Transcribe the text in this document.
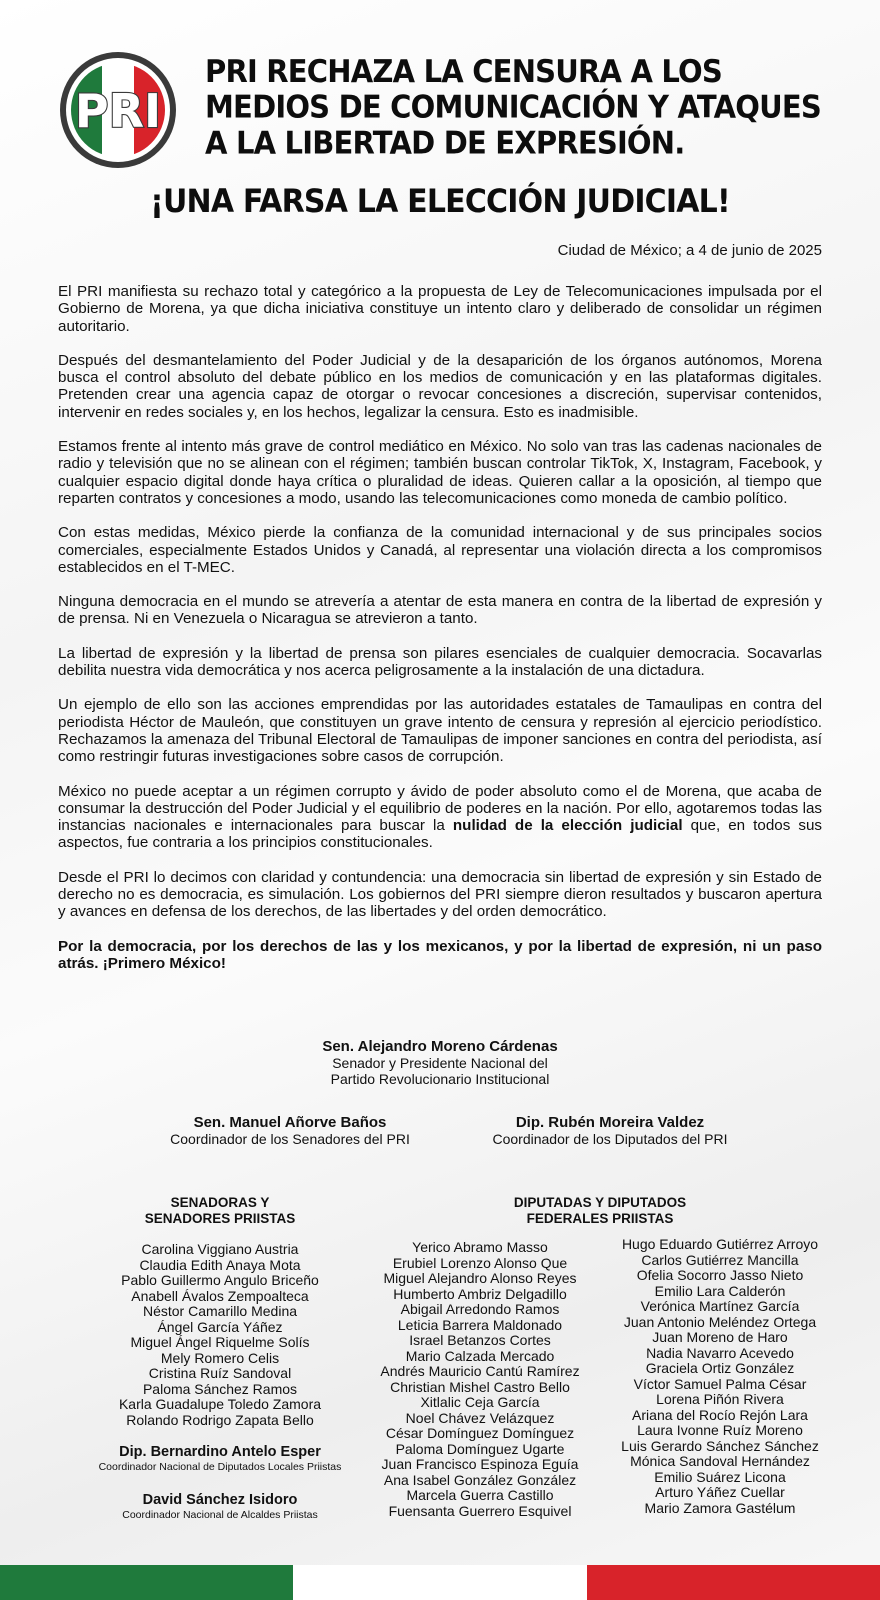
PRI
PRI RECHAZA LA CENSURA A LOS MEDIOS DE COMUNICACIÓN Y ATAQUES A LA LIBERTAD DE EXPRESIÓN.
¡UNA FARSA LA ELECCIÓN JUDICIAL!
Ciudad de México; a 4 de junio de 2025

El PRI manifiesta su rechazo total y categórico a la propuesta de Ley de Telecomunicaciones impulsada por el Gobierno de Morena, ya que dicha iniciativa constituye un intento claro y deliberado de consolidar un régimen autoritario.

Después del desmantelamiento del Poder Judicial y de la desaparición de los órganos autónomos, Morena busca el control absoluto del debate público en los medios de comunicación y en las plataformas digitales. Pretenden crear una agencia capaz de otorgar o revocar concesiones a discreción, supervisar contenidos, intervenir en redes sociales y, en los hechos, legalizar la censura. Esto es inadmisible.

Estamos frente al intento más grave de control mediático en México. No solo van tras las cadenas nacionales de radio y televisión que no se alinean con el régimen; también buscan controlar TikTok, X, Instagram, Facebook, y cualquier espacio digital donde haya crítica o pluralidad de ideas. Quieren callar a la oposición, al tiempo que reparten contratos y concesiones a modo, usando las telecomunicaciones como moneda de cambio político.

Con estas medidas, México pierde la confianza de la comunidad internacional y de sus principales socios comerciales, especialmente Estados Unidos y Canadá, al representar una violación directa a los compromisos establecidos en el T-MEC.

Ninguna democracia en el mundo se atrevería a atentar de esta manera en contra de la libertad de expresión y de prensa. Ni en Venezuela o Nicaragua se atrevieron a tanto.

La libertad de expresión y la libertad de prensa son pilares esenciales de cualquier democracia. Socavarlas debilita nuestra vida democrática y nos acerca peligrosamente a la instalación de una dictadura.

Un ejemplo de ello son las acciones emprendidas por las autoridades estatales de Tamaulipas en contra del periodista Héctor de Mauleón, que constituyen un grave intento de censura y represión al ejercicio periodístico. Rechazamos la amenaza del Tribunal Electoral de Tamaulipas de imponer sanciones en contra del periodista, así como restringir futuras investigaciones sobre casos de corrupción.

México no puede aceptar a un régimen corrupto y ávido de poder absoluto como el de Morena, que acaba de consumar la destrucción del Poder Judicial y el equilibrio de poderes en la nación. Por ello, agotaremos todas las instancias nacionales e internacionales para buscar la nulidad de la elección judicial que, en todos sus aspectos, fue contraria a los principios constitucionales.

Desde el PRI lo decimos con claridad y contundencia: una democracia sin libertad de expresión y sin Estado de derecho no es democracia, es simulación. Los gobiernos del PRI siempre dieron resultados y buscaron apertura y avances en defensa de los derechos, de las libertades y del orden democrático.

Por la democracia, por los derechos de las y los mexicanos, y por la libertad de expresión, ni un paso atrás. ¡Primero México!

Sen. Alejandro Moreno Cárdenas
Senador y Presidente Nacional del
Partido Revolucionario Institucional
Sen. Manuel Añorve Baños
Coordinador de los Senadores del PRI
Dip. Rubén Moreira Valdez
Coordinador de los Diputados del PRI
SENADORAS Y
SENADORES PRIISTAS
Carolina Viggiano Austria
Claudia Edith Anaya Mota
Pablo Guillermo Angulo Briceño
Anabell Ávalos Zempoalteca
Néstor Camarillo Medina
Ángel García Yáñez
Miguel Ángel Riquelme Solís
Mely Romero Celis
Cristina Ruíz Sandoval
Paloma Sánchez Ramos
Karla Guadalupe Toledo Zamora
Rolando Rodrigo Zapata Bello
Dip. Bernardino Antelo Esper
Coordinador Nacional de Diputados Locales Priistas
David Sánchez Isidoro
Coordinador Nacional de Alcaldes Priistas
DIPUTADAS Y DIPUTADOS
FEDERALES PRIISTAS
Yerico Abramo Masso
Erubiel Lorenzo Alonso Que
Miguel Alejandro Alonso Reyes
Humberto Ambriz Delgadillo
Abigail Arredondo Ramos
Leticia Barrera Maldonado
Israel Betanzos Cortes
Mario Calzada Mercado
Andrés Mauricio Cantú Ramírez
Christian Mishel Castro Bello
Xitlalic Ceja García
Noel Chávez Velázquez
César Domínguez Domínguez
Paloma Domínguez Ugarte
Juan Francisco Espinoza Eguía
Ana Isabel González González
Marcela Guerra Castillo
Fuensanta Guerrero Esquivel
Hugo Eduardo Gutiérrez Arroyo
Carlos Gutiérrez Mancilla
Ofelia Socorro Jasso Nieto
Emilio Lara Calderón
Verónica Martínez García
Juan Antonio Meléndez Ortega
Juan Moreno de Haro
Nadia Navarro Acevedo
Graciela Ortiz González
Víctor Samuel Palma César
Lorena Piñón Rivera
Ariana del Rocío Rejón Lara
Laura Ivonne Ruíz Moreno
Luis Gerardo Sánchez Sánchez
Mónica Sandoval Hernández
Emilio Suárez Licona
Arturo Yáñez Cuellar
Mario Zamora Gastélum
